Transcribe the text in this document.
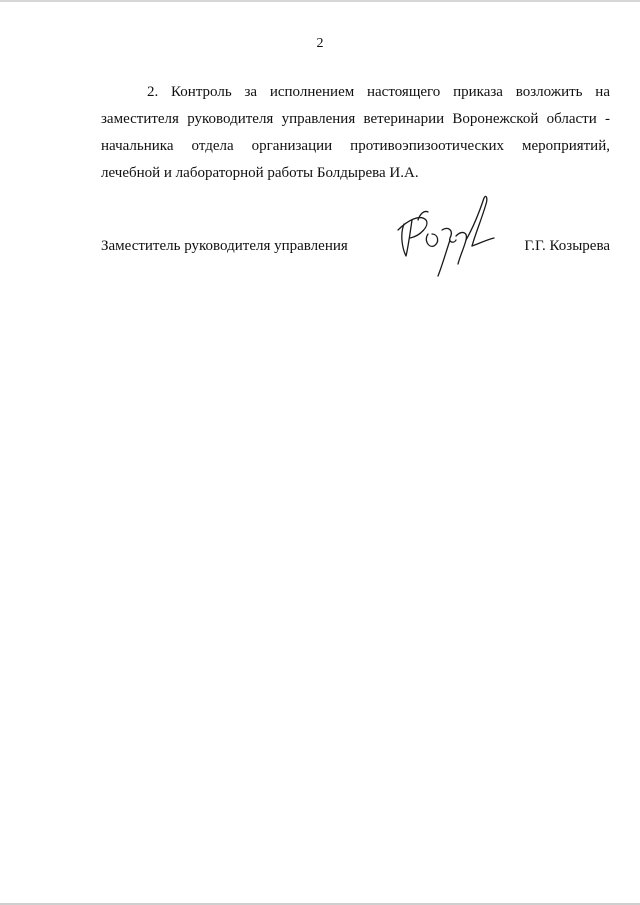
2
2. Контроль за исполнением настоящего приказа возложить на
заместителя руководителя управления ветеринарии Воронежской области -
начальника отдела организации противоэпизоотических мероприятий,
лечебной и лабораторной работы Болдырева И.А.
Заместитель руководителя управления	Г.Г. Козырева
